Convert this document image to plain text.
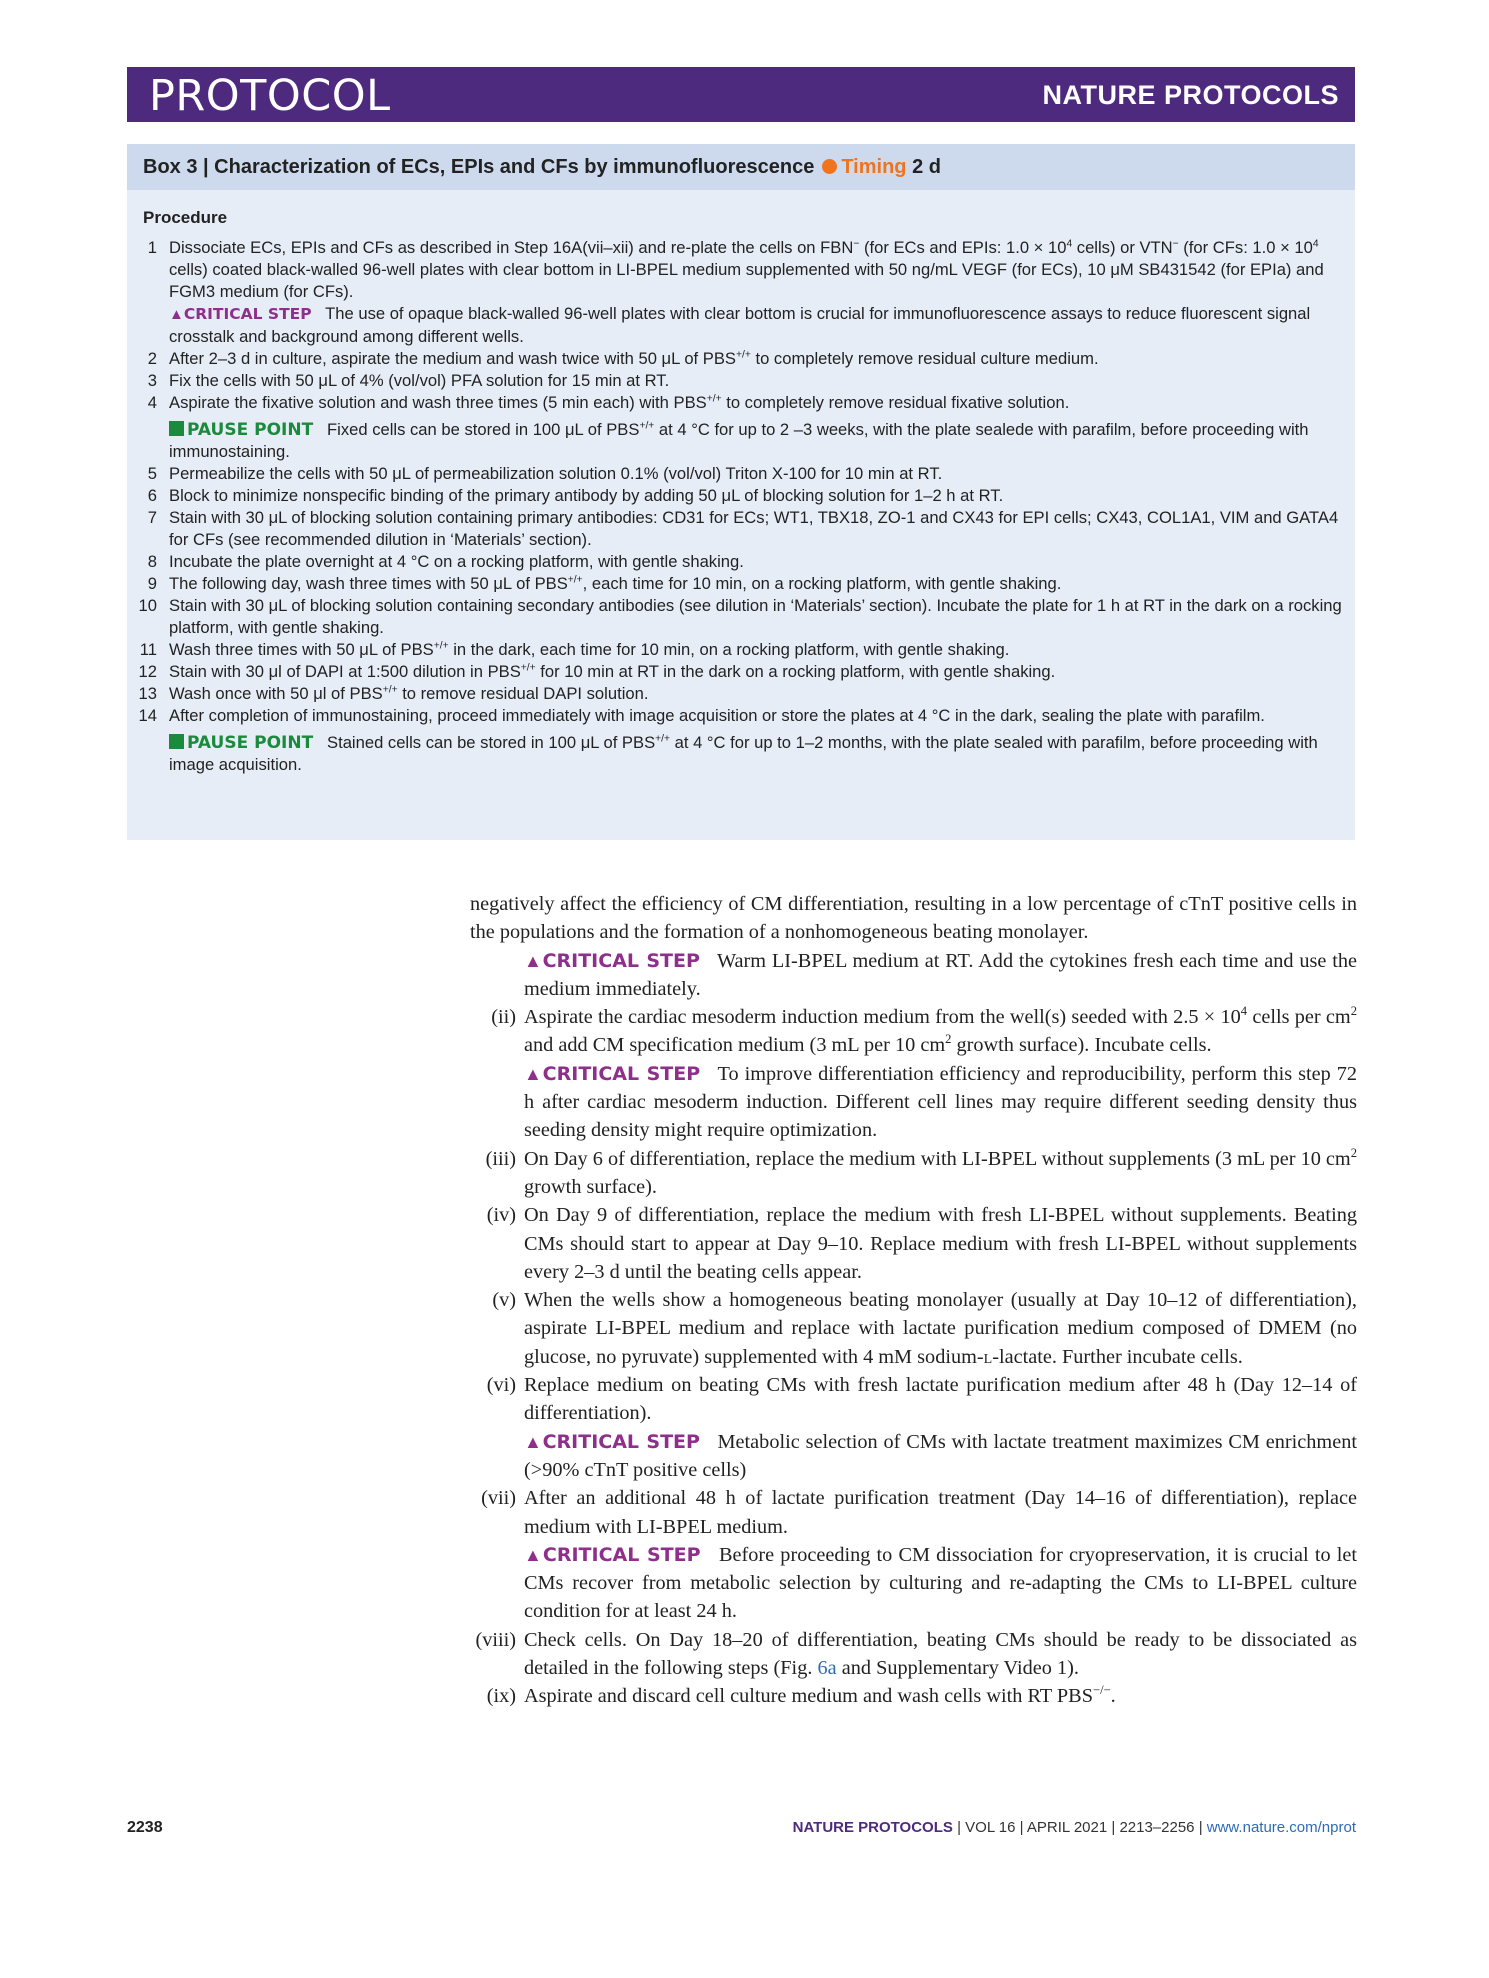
PROTOCOL	NATURE PROTOCOLS
Box 3 | Characterization of ECs, EPIs and CFs by immunofluorescence Timing 2 d
Procedure
1 Dissociate ECs, EPIs and CFs as described in Step 16A(vii–xii) and re-plate the cells on FBN− (for ECs and EPIs: $1.0 \times 10^4$ cells) or VTN− (for CFs: $1.0 \times 10^4$ cells) coated black-walled 96-well plates with clear bottom in LI-BPEL medium supplemented with 50 ng/mL VEGF (for ECs), 10 μM SB431542 (for EPIa) and FGM3 medium (for CFs).
▲CRITICAL STEP The use of opaque black-walled 96-well plates with clear bottom is crucial for immunofluorescence assays to reduce fluorescent signal crosstalk and background among different wells.
2 After 2–3 d in culture, aspirate the medium and wash twice with 50 μL of PBS+/+ to completely remove residual culture medium.
3 Fix the cells with 50 μL of 4% (vol/vol) PFA solution for 15 min at RT.
4 Aspirate the fixative solution and wash three times (5 min each) with PBS+/+ to completely remove residual fixative solution.
PAUSE POINT Fixed cells can be stored in 100 μL of PBS+/+ at 4 °C for up to 2 –3 weeks, with the plate sealede with parafilm, before proceeding with immunostaining.
5 Permeabilize the cells with 50 μL of permeabilization solution 0.1% (vol/vol) Triton X-100 for 10 min at RT.
6 Block to minimize nonspecific binding of the primary antibody by adding 50 μL of blocking solution for 1–2 h at RT.
7 Stain with 30 μL of blocking solution containing primary antibodies: CD31 for ECs; WT1, TBX18, ZO-1 and CX43 for EPI cells; CX43, COL1A1, VIM and GATA4 for CFs (see recommended dilution in ‘Materials’ section).
8 Incubate the plate overnight at 4 °C on a rocking platform, with gentle shaking.
9 The following day, wash three times with 50 μL of PBS+/+, each time for 10 min, on a rocking platform, with gentle shaking.
10 Stain with 30 μL of blocking solution containing secondary antibodies (see dilution in ‘Materials’ section). Incubate the plate for 1 h at RT in the dark on a rocking platform, with gentle shaking.
11 Wash three times with 50 μL of PBS+/+ in the dark, each time for 10 min, on a rocking platform, with gentle shaking.
12 Stain with 30 μl of DAPI at 1:500 dilution in PBS+/+ for 10 min at RT in the dark on a rocking platform, with gentle shaking.
13 Wash once with 50 μl of PBS+/+ to remove residual DAPI solution.
14 After completion of immunostaining, proceed immediately with image acquisition or store the plates at 4 °C in the dark, sealing the plate with parafilm.
PAUSE POINT Stained cells can be stored in 100 μL of PBS+/+ at 4 °C for up to 1–2 months, with the plate sealed with parafilm, before proceeding with image acquisition.

negatively affect the efficiency of CM differentiation, resulting in a low percentage of cTnT positive cells in the populations and the formation of a nonhomogeneous beating monolayer.

▲CRITICAL STEP Warm LI-BPEL medium at RT. Add the cytokines fresh each time and use the medium immediately.
(ii) Aspirate the cardiac mesoderm induction medium from the well(s) seeded with $2.5 \times 10^4$ cells per $cm^2$ and add CM specification medium (3 mL per 10 $cm^2$ growth surface). Incubate cells.
▲CRITICAL STEP To improve differentiation efficiency and reproducibility, perform this step 72 h after cardiac mesoderm induction. Different cell lines may require different seeding density thus seeding density might require optimization.
(iii) On Day 6 of differentiation, replace the medium with LI-BPEL without supplements (3 mL per 10 $cm^2$ growth surface).
(iv) On Day 9 of differentiation, replace the medium with fresh LI-BPEL without supplements. Beating CMs should start to appear at Day 9–10. Replace medium with fresh LI-BPEL without supplements every 2–3 d until the beating cells appear.
(v) When the wells show a homogeneous beating monolayer (usually at Day 10–12 of differentiation), aspirate LI-BPEL medium and replace with lactate purification medium composed of DMEM (no glucose, no pyruvate) supplemented with 4 mM sodium-l-lactate. Further incubate cells.
(vi) Replace medium on beating CMs with fresh lactate purification medium after 48 h (Day 12–14 of differentiation).
▲CRITICAL STEP Metabolic selection of CMs with lactate treatment maximizes CM enrichment (>90% cTnT positive cells)
(vii) After an additional 48 h of lactate purification treatment (Day 14–16 of differentiation), replace medium with LI-BPEL medium.
▲CRITICAL STEP Before proceeding to CM dissociation for cryopreservation, it is crucial to let CMs recover from metabolic selection by culturing and re-adapting the CMs to LI-BPEL culture condition for at least 24 h.
(viii) Check cells. On Day 18–20 of differentiation, beating CMs should be ready to be dissociated as detailed in the following steps (Fig. 6a and Supplementary Video 1).
(ix) Aspirate and discard cell culture medium and wash cells with RT PBS−/−.
2238	NATURE PROTOCOLS | VOL 16 | APRIL 2021 | 2213–2256 | www.nature.com/nprot
